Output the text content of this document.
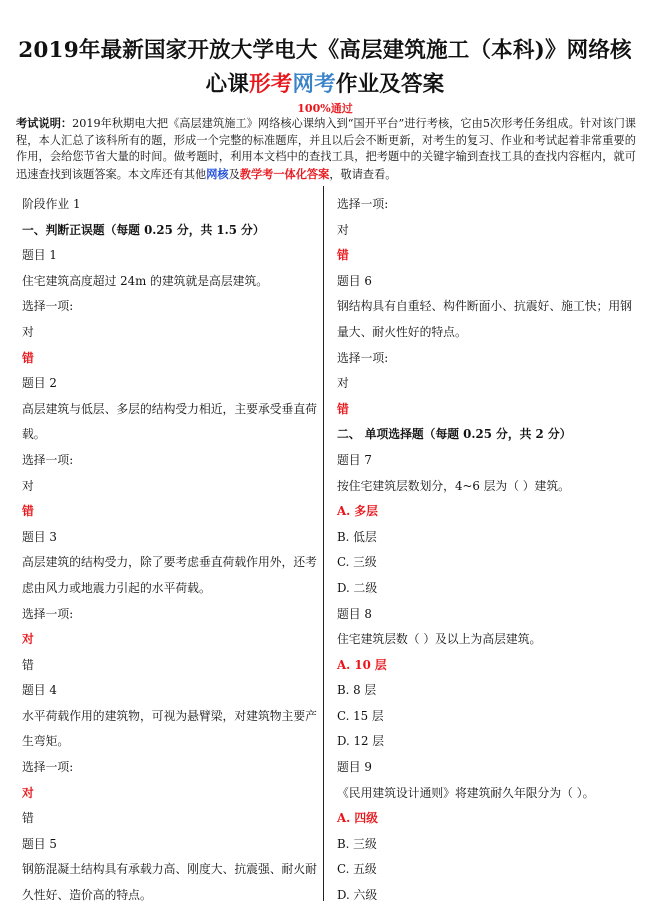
2019年最新国家开放大学电大《高层建筑施工（本科)》网络核
心课形考网考作业及答案
100%通过
考试说明：2019年秋期电大把《高层建筑施工》网络核心课纳入到“国开平台”进行考核，它由5次形考任务组成。针对该门课程，本人汇总了该科所有的题，形成一个完整的标准题库，并且以后会不断更新，对考生的复习、作业和考试起着非常重要的作用，会给您节省大量的时间。做考题时，利用本文档中的查找工具，把考题中的关键字输到查找工具的查找内容框内，就可迅速查找到该题答案。本文库还有其他网核及教学考一体化答案，敬请查看。
阶段作业 1
一、判断正误题（每题 0.25 分，共 1.5 分）
题目 1
住宅建筑高度超过 24m 的建筑就是高层建筑。
选择一项:
对
错
题目 2
高层建筑与低层、多层的结构受力相近，主要承受垂直荷
载。
选择一项:
对
错
题目 3
高层建筑的结构受力，除了要考虑垂直荷载作用外，还考
虑由风力或地震力引起的水平荷载。
选择一项:
对
错
题目 4
水平荷载作用的建筑物，可视为悬臂梁，对建筑物主要产
生弯矩。
选择一项:
对
错
题目 5
钢筋混凝土结构具有承载力高、刚度大、抗震强、耐火耐
久性好、造价高的特点。
选择一项:
对
错
题目 6
钢结构具有自重轻、构件断面小、抗震好、施工快；用钢
量大、耐火性好的特点。
选择一项:
对
错
二、 单项选择题（每题 0.25 分，共 2 分）
题目 7
按住宅建筑层数划分，4~6 层为（ ）建筑。
A. 多层
B. 低层
C. 三级
D. 二级
题目 8
住宅建筑层数（ ）及以上为高层建筑。
A. 10 层
B. 8 层
C. 15 层
D. 12 层
题目 9
《民用建筑设计通则》将建筑耐久年限分为（ ）。
A. 四级
B. 三级
C. 五级
D. 六级
